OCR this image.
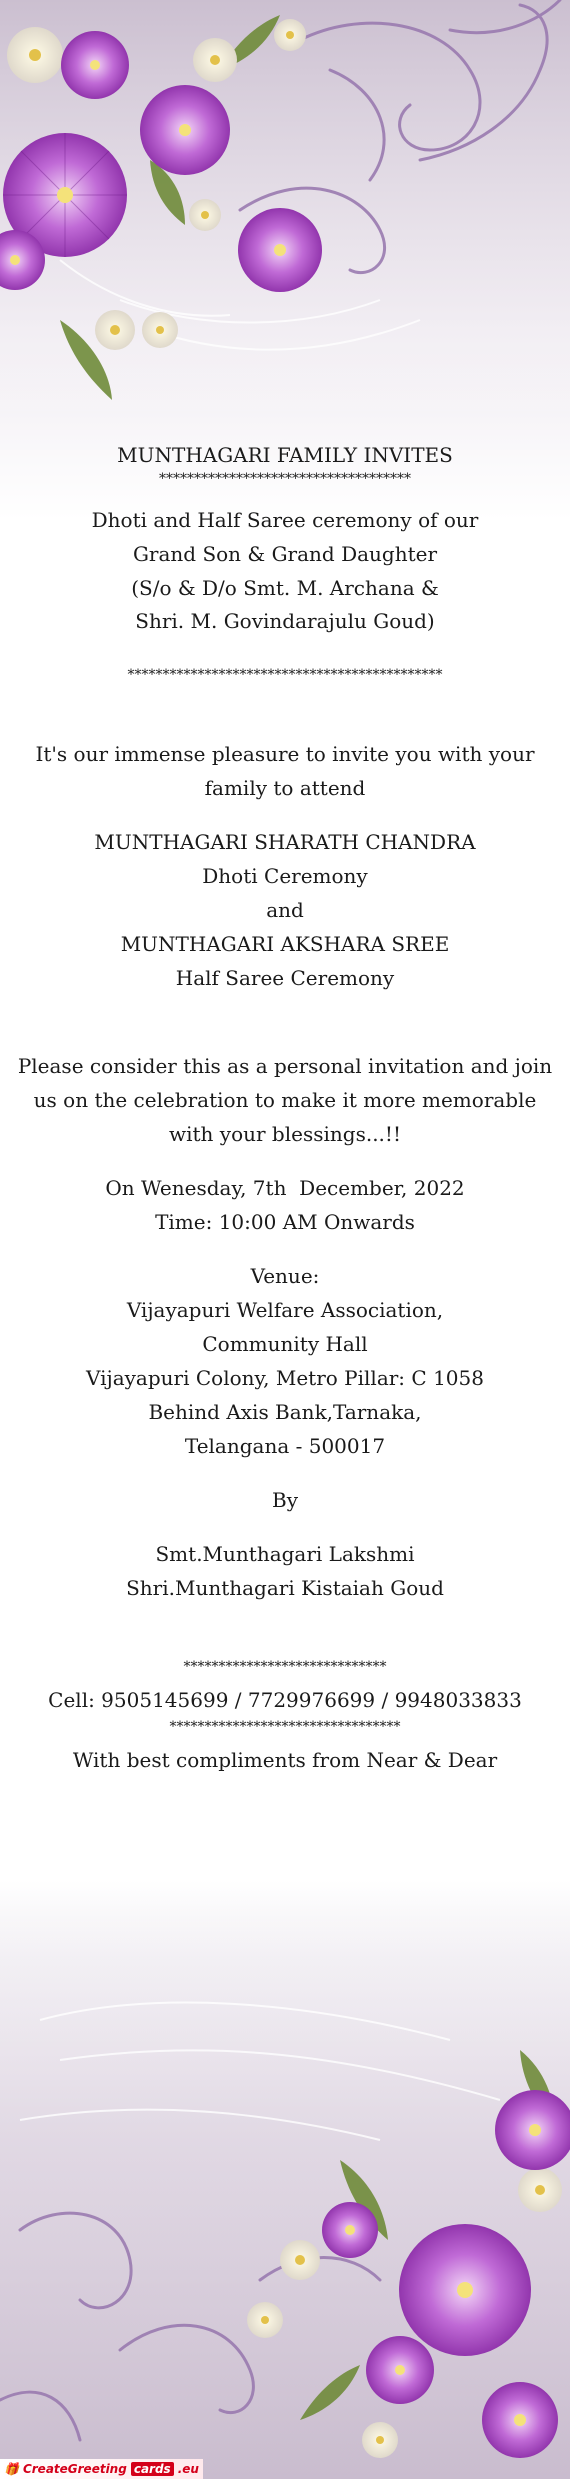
MUNTHAGARI FAMILY INVITES
************************************
Dhoti and Half Saree ceremony of our
Grand Son & Grand Daughter
(S/o & D/o Smt. M. Archana &
Shri. M. Govindarajulu Goud)
*********************************************
It's our immense pleasure to invite you with your
family to attend
MUNTHAGARI SHARATH CHANDRA
Dhoti Ceremony
and
MUNTHAGARI AKSHARA SREE
Half Saree Ceremony
Please consider this as a personal invitation and join
us on the celebration to make it more memorable
with your blessings...!!
On Wenesday, 7th  December, 2022
Time: 10:00 AM Onwards
Venue:
Vijayapuri Welfare Association,
Community Hall
Vijayapuri Colony, Metro Pillar: C 1058
Behind Axis Bank,Tarnaka,
Telangana - 500017
By
Smt.Munthagari Lakshmi
Shri.Munthagari Kistaiah Goud
*****************************
Cell: 9505145699 / 7729976699 / 9948033833
*********************************
With best compliments from Near & Dear
🎁 CreateGreeting cards .eu
